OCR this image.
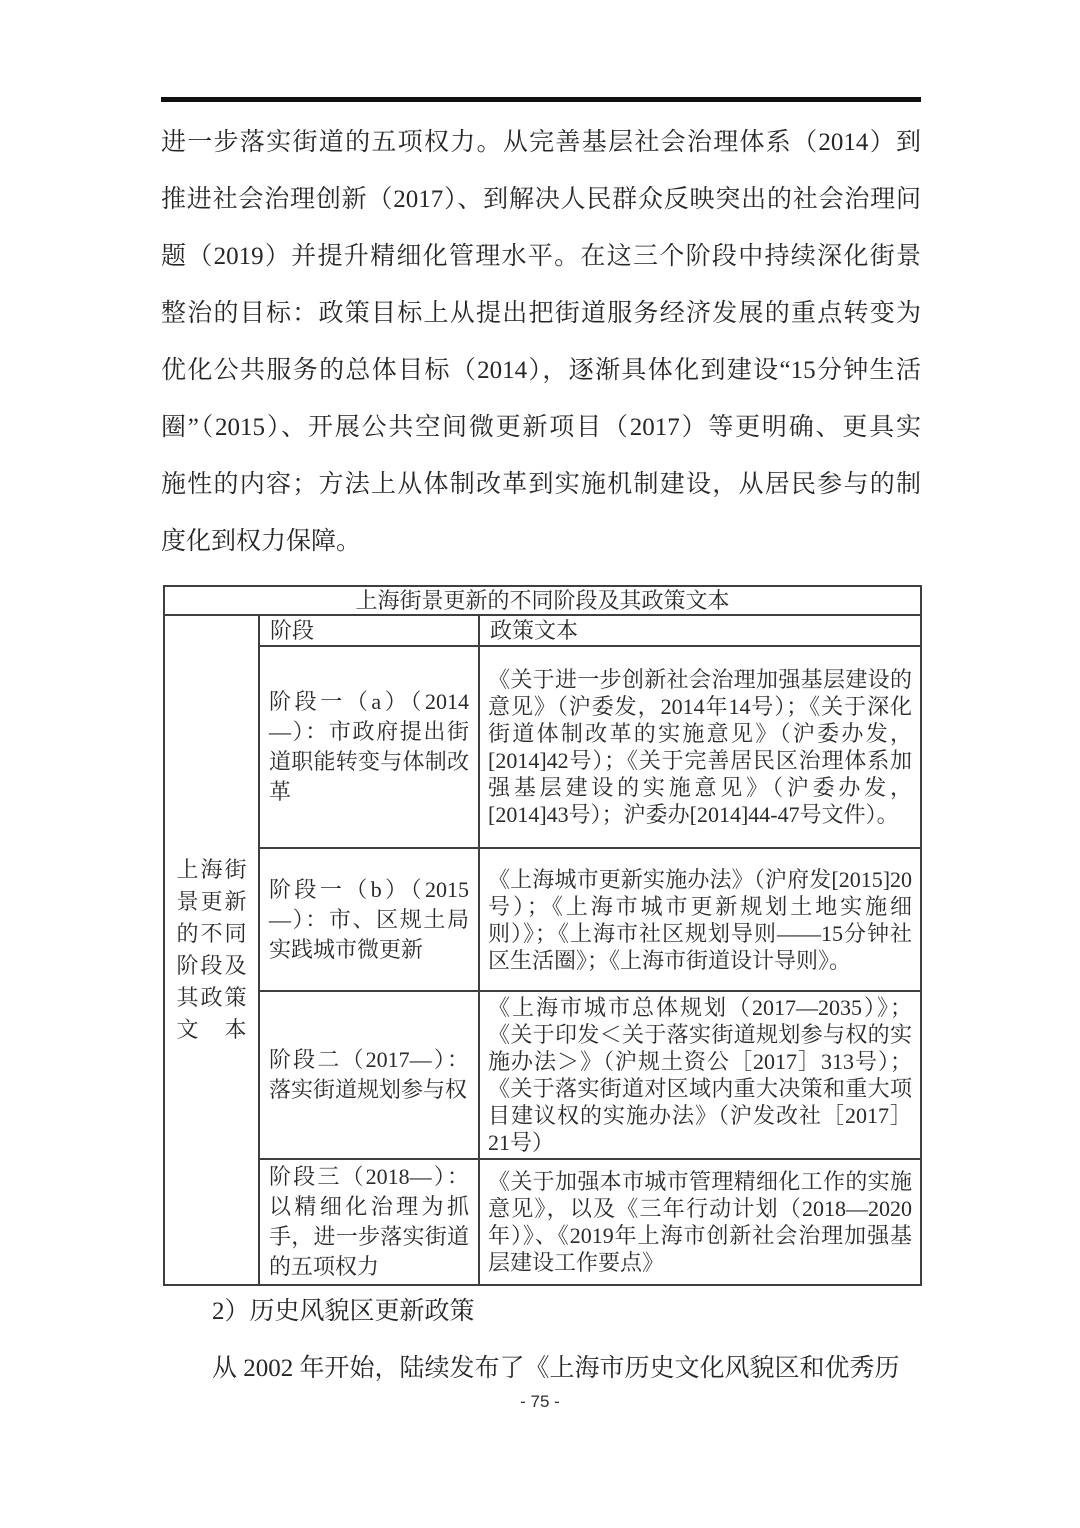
进一步落实街道的五项权力。从完善基层社会治理体系（2014）到
推进社会治理创新（2017）、到解决人民群众反映突出的社会治理问
题（2019）并提升精细化管理水平。在这三个阶段中持续深化街景
整治的目标：政策目标上从提出把街道服务经济发展的重点转变为
优化公共服务的总体目标（2014），逐渐具体化到建设“15分钟生活
圈”（2015）、开展公共空间微更新项目（2017）等更明确、更具实
施性的内容；方法上从体制改革到实施机制建设，从居民参与的制
度化到权力保障。
上海街景更新的不同阶段及其政策文本		

上海街
景更新
的不同
阶段及
其政策
文本
	阶段	政策文本
	阶段一（a）（2014—）：市政府提出街道职能转变与体制改革	《关于进一步创新社会治理加强基层建设的意见》（沪委发，2014年14号）；《关于深化街道体制改革的实施意见》（沪委办发，[2014]42号）；《关于完善居民区治理体系加强基层建设的实施意见》（沪委办发，[2014]43号）；沪委办[2014]44-47号文件）。
	阶段一（b）（2015—）：市、区规土局实践城市微更新	《上海城市更新实施办法》（沪府发[2015]20号）；《上海市城市更新规划土地实施细则）》；《上海市社区规划导则——15分钟社区生活圈》；《上海市街道设计导则》。
	阶段二（2017—）：落实街道规划参与权	《上海市城市总体规划（2017—2035）》；《关于印发＜关于落实街道规划参与权的实施办法＞》（沪规土资公［2017］313号）；《关于落实街道对区域内重大决策和重大项目建议权的实施办法》（沪发改社［2017］21号）
	阶段三（2018—）：以精细化治理为抓手，进一步落实街道的五项权力	《关于加强本市城市管理精细化工作的实施意见》，以及《三年行动计划（2018—2020年）》、《2019年上海市创新社会治理加强基层建设工作要点》
2）历史风貌区更新政策
从 2002 年开始，陆续发布了《上海市历史文化风貌区和优秀历
- 75 -
